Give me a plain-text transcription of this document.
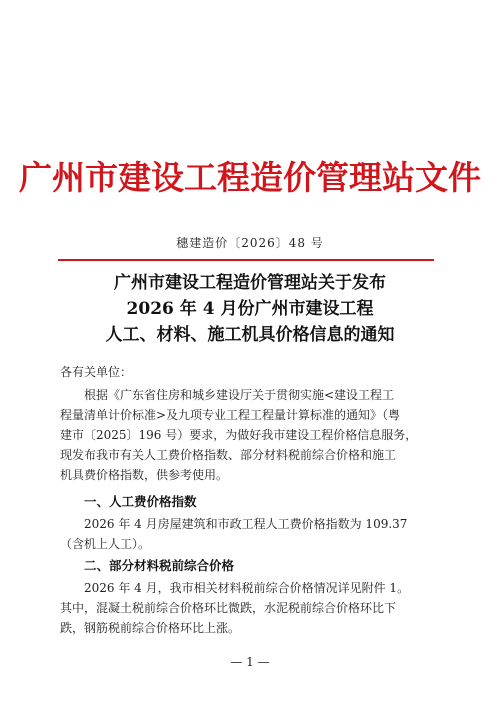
广州市建设工程造价管理站文件
穗建造价〔2026〕48 号
广州市建设工程造价管理站关于发布
2026 年 4 月份广州市建设工程
人工、材料、施工机具价格信息的通知
各有关单位：
根据《广东省住房和城乡建设厅关于贯彻实施<建设工程工
程量清单计价标准>及九项专业工程工程量计算标准的通知》（粤
建市〔2025〕196 号）要求，为做好我市建设工程价格信息服务，
现发布我市有关人工费价格指数、部分材料税前综合价格和施工
机具费价格指数，供参考使用。
一、人工费价格指数
2026 年 4 月房屋建筑和市政工程人工费价格指数为 109.37
（含机上人工）。
二、部分材料税前综合价格
2026 年 4 月，我市相关材料税前综合价格情况详见附件 1。
其中，混凝土税前综合价格环比微跌，水泥税前综合价格环比下
跌，钢筋税前综合价格环比上涨。
— 1 —
